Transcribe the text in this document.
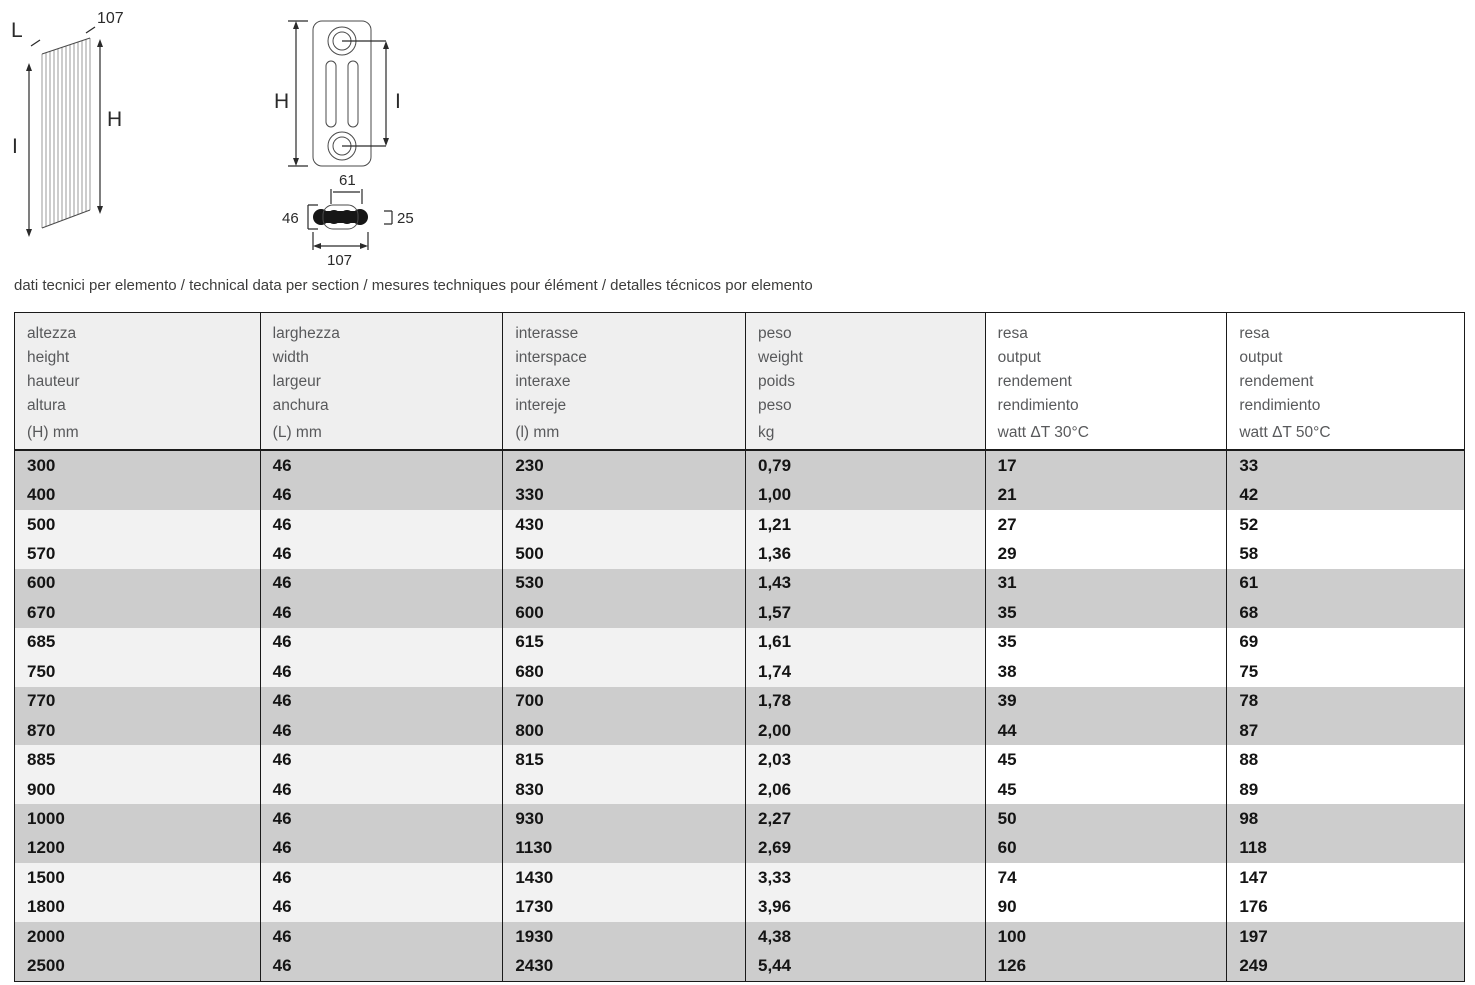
I
H
L
107
H	I
61
46	25
107
dati tecnici per elemento / technical data per section / mesures techniques pour élément / detalles técnicos por elemento
altezza
height
hauteur
altura
(H) mm
larghezza
width
largeur
anchura
(L) mm
interasse
interspace
interaxe
intereje
(l) mm
peso
weight
poids
peso
kg
resa
output
rendement
rendimiento
watt ΔT 30°C
resa
output
rendement
rendimiento
watt ΔT 50°C
300	46	230	0,79	17	33
400	46	330	1,00	21	42
500	46	430	1,21	27	52
570	46	500	1,36	29	58
600	46	530	1,43	31	61
670	46	600	1,57	35	68
685	46	615	1,61	35	69
750	46	680	1,74	38	75
770	46	700	1,78	39	78
870	46	800	2,00	44	87
885	46	815	2,03	45	88
900	46	830	2,06	45	89
1000	46	930	2,27	50	98
1200	46	1130	2,69	60	118
1500	46	1430	3,33	74	147
1800	46	1730	3,96	90	176
2000	46	1930	4,38	100	197
2500	46	2430	5,44	126	249
